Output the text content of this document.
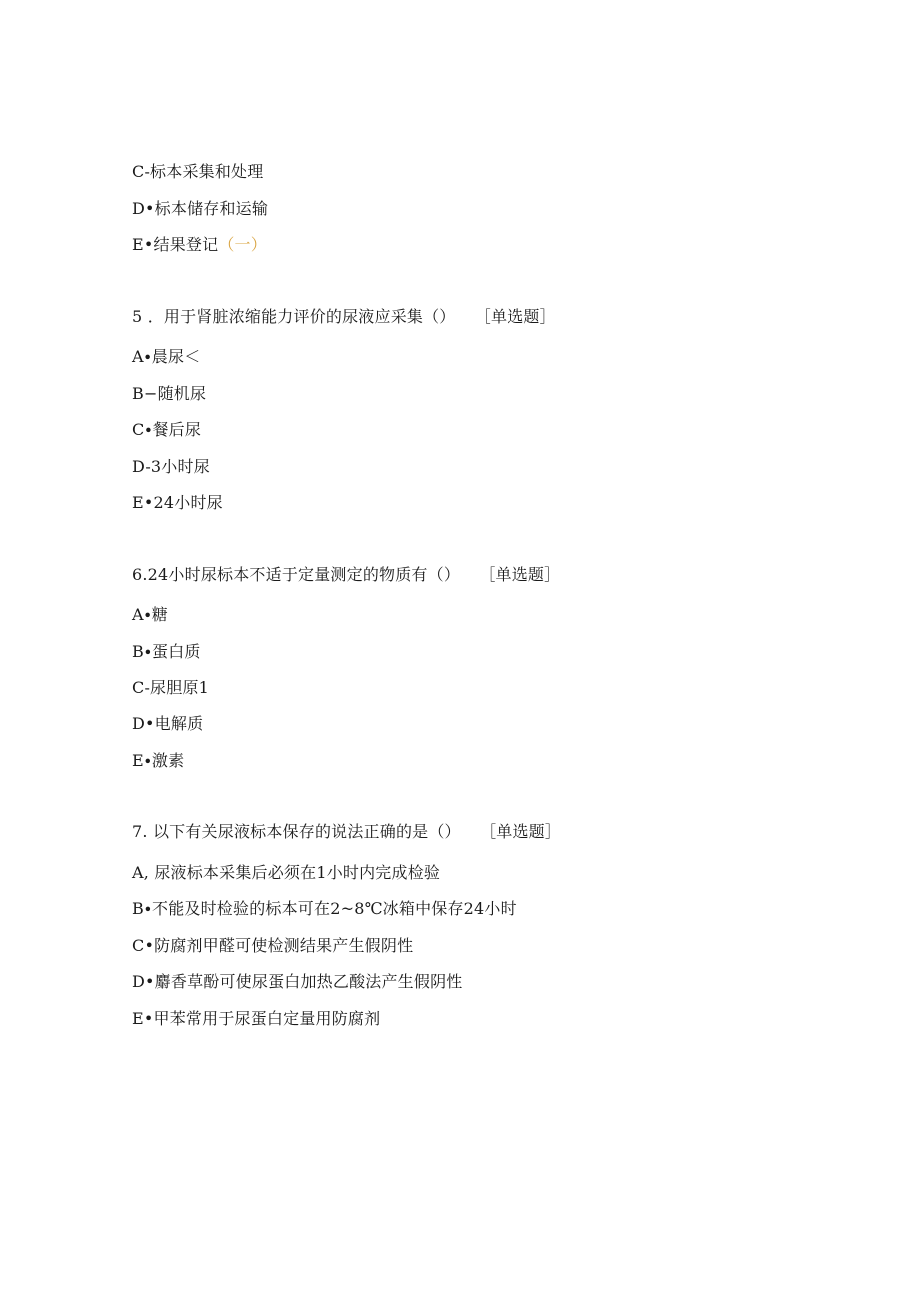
C-标本采集和处理
D•标本储存和运输
E•结果登记（一）
5 ．用于肾脏浓缩能力评价的尿液应采集（） ［单选题］
A∙晨尿＜
B−随机尿
C∙餐后尿
D-3小时尿
E•24小时尿
6.24小时尿标本不适于定量测定的物质有（） ［单选题］
A∙糖
B∙蛋白质
C-尿胆原1
D•电解质
E∙激素
7. 以下有关尿液标本保存的说法正确的是（） ［单选题］
A, 尿液标本采集后必须在1小时内完成检验
B∙不能及时检验的标本可在2~8℃冰箱中保存24小时
C•防腐剂甲醛可使检测结果产生假阴性
D•麝香草酚可使尿蛋白加热乙酸法产生假阴性
E•甲苯常用于尿蛋白定量用防腐剂
